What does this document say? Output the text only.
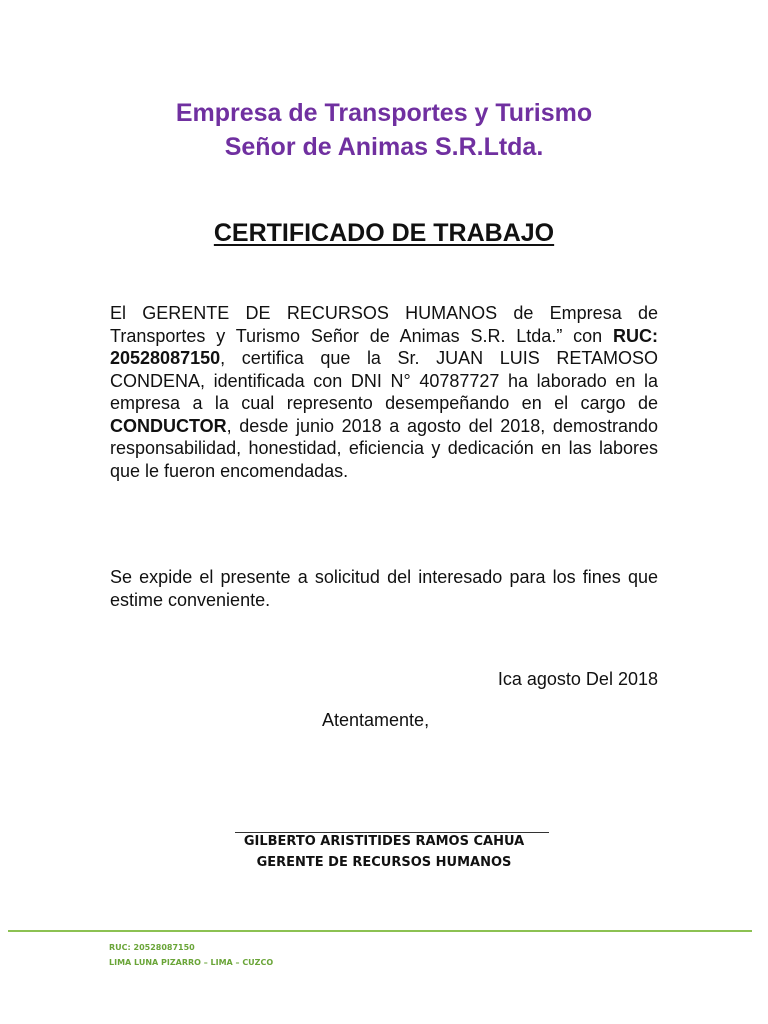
Empresa de Transportes y Turismo
Señor de Animas S.R.Ltda.
CERTIFICADO DE TRABAJO
El GERENTE DE RECURSOS HUMANOS de Empresa de Transportes y Turismo Señor de Animas S.R. Ltda.” con RUC: 20528087150, certifica que la Sr. JUAN LUIS RETAMOSO CONDENA, identificada con DNI N° 40787727 ha laborado en la empresa a la cual represento desempeñando en el cargo de CONDUCTOR, desde junio 2018 a agosto del 2018, demostrando responsabilidad, honestidad, eficiencia y dedicación en las labores que le fueron encomendadas.
Se expide el presente a solicitud del interesado para los fines que estime conveniente.
Ica agosto Del 2018
Atentamente,
GILBERTO ARISTITIDES RAMOS CAHUA
GERENTE DE RECURSOS HUMANOS
RUC: 20528087150
LIMA LUNA PIZARRO – LIMA – CUZCO
